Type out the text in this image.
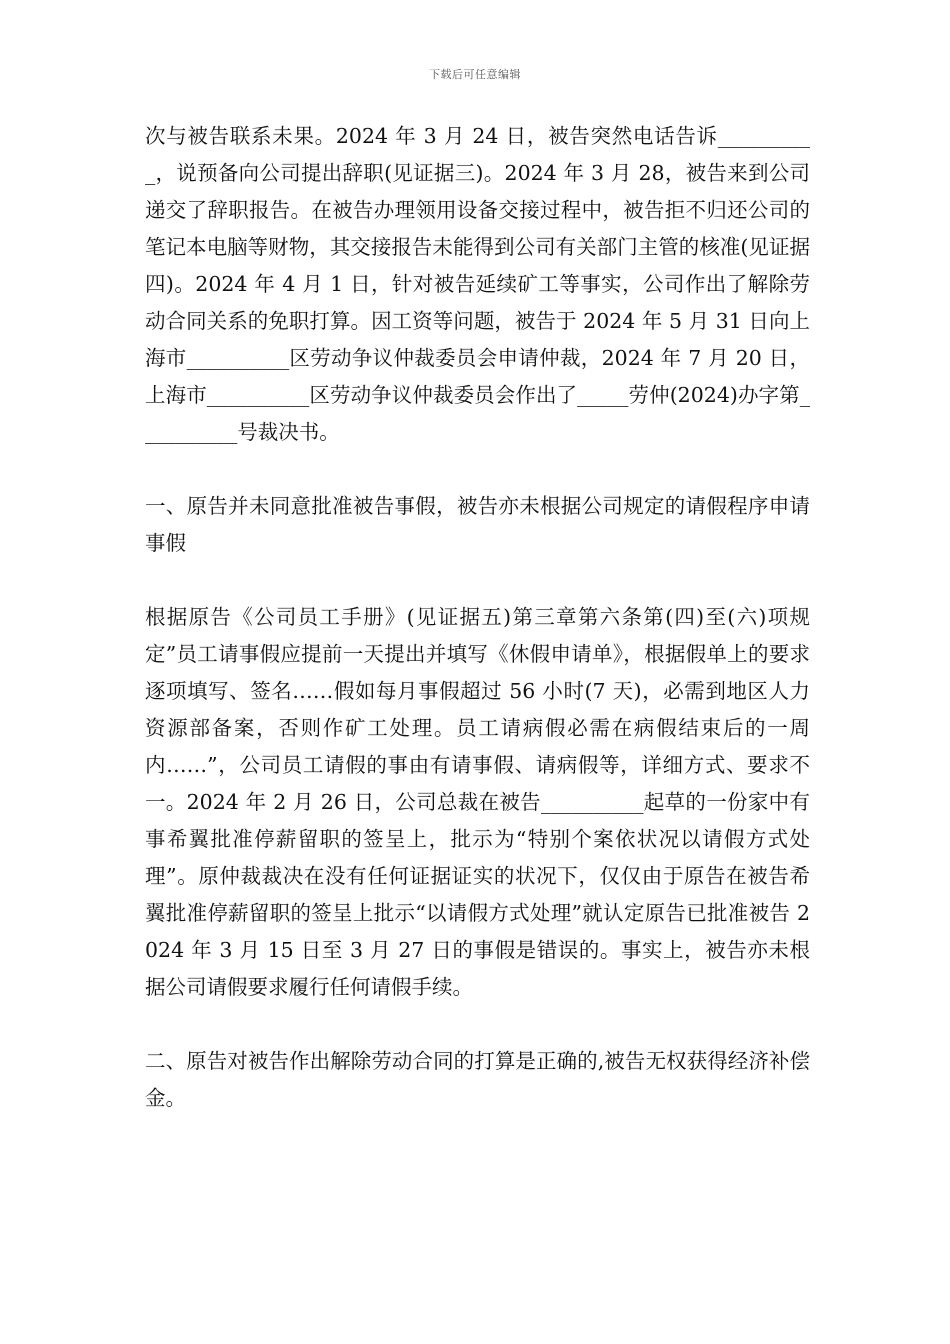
下载后可任意编辑

次与被告联系未果。2024 年 3 月 24 日，被告突然电话告诉__________，说预备向公司提出辞职(见证据三)。2024 年 3 月 28，被告来到公司递交了辞职报告。在被告办理领用设备交接过程中，被告拒不归还公司的笔记本电脑等财物，其交接报告未能得到公司有关部门主管的核准(见证据四)。2024 年 4 月 1 日，针对被告延续矿工等事实，公司作出了解除劳动合同关系的免职打算。因工资等问题，被告于 2024 年 5 月 31 日向上海市__________区劳动争议仲裁委员会申请仲裁，2024 年 7 月 20 日，上海市__________区劳动争议仲裁委员会作出了_____劳仲(2024)办字第__________号裁决书。

一、原告并未同意批准被告事假，被告亦未根据公司规定的请假程序申请事假

根据原告《公司员工手册》(见证据五)第三章第六条第(四)至(六)项规定”员工请事假应提前一天提出并填写《休假申请单》，根据假单上的要求逐项填写、签名……假如每月事假超过 56 小时(7 天)，必需到地区人力资源部备案，否则作矿工处理。员工请病假必需在病假结束后的一周内……”，公司员工请假的事由有请事假、请病假等，详细方式、要求不一。2024 年 2 月 26 日，公司总裁在被告__________起草的一份家中有事希翼批准停薪留职的签呈上，批示为“特别个案依状况以请假方式处理”。原仲裁裁决在没有任何证据证实的状况下，仅仅由于原告在被告希翼批准停薪留职的签呈上批示“以请假方式处理”就认定原告已批准被告 2024 年 3 月 15 日至 3 月 27 日的事假是错误的。事实上，被告亦未根据公司请假要求履行任何请假手续。

二、原告对被告作出解除劳动合同的打算是正确的,被告无权获得经济补偿金。
